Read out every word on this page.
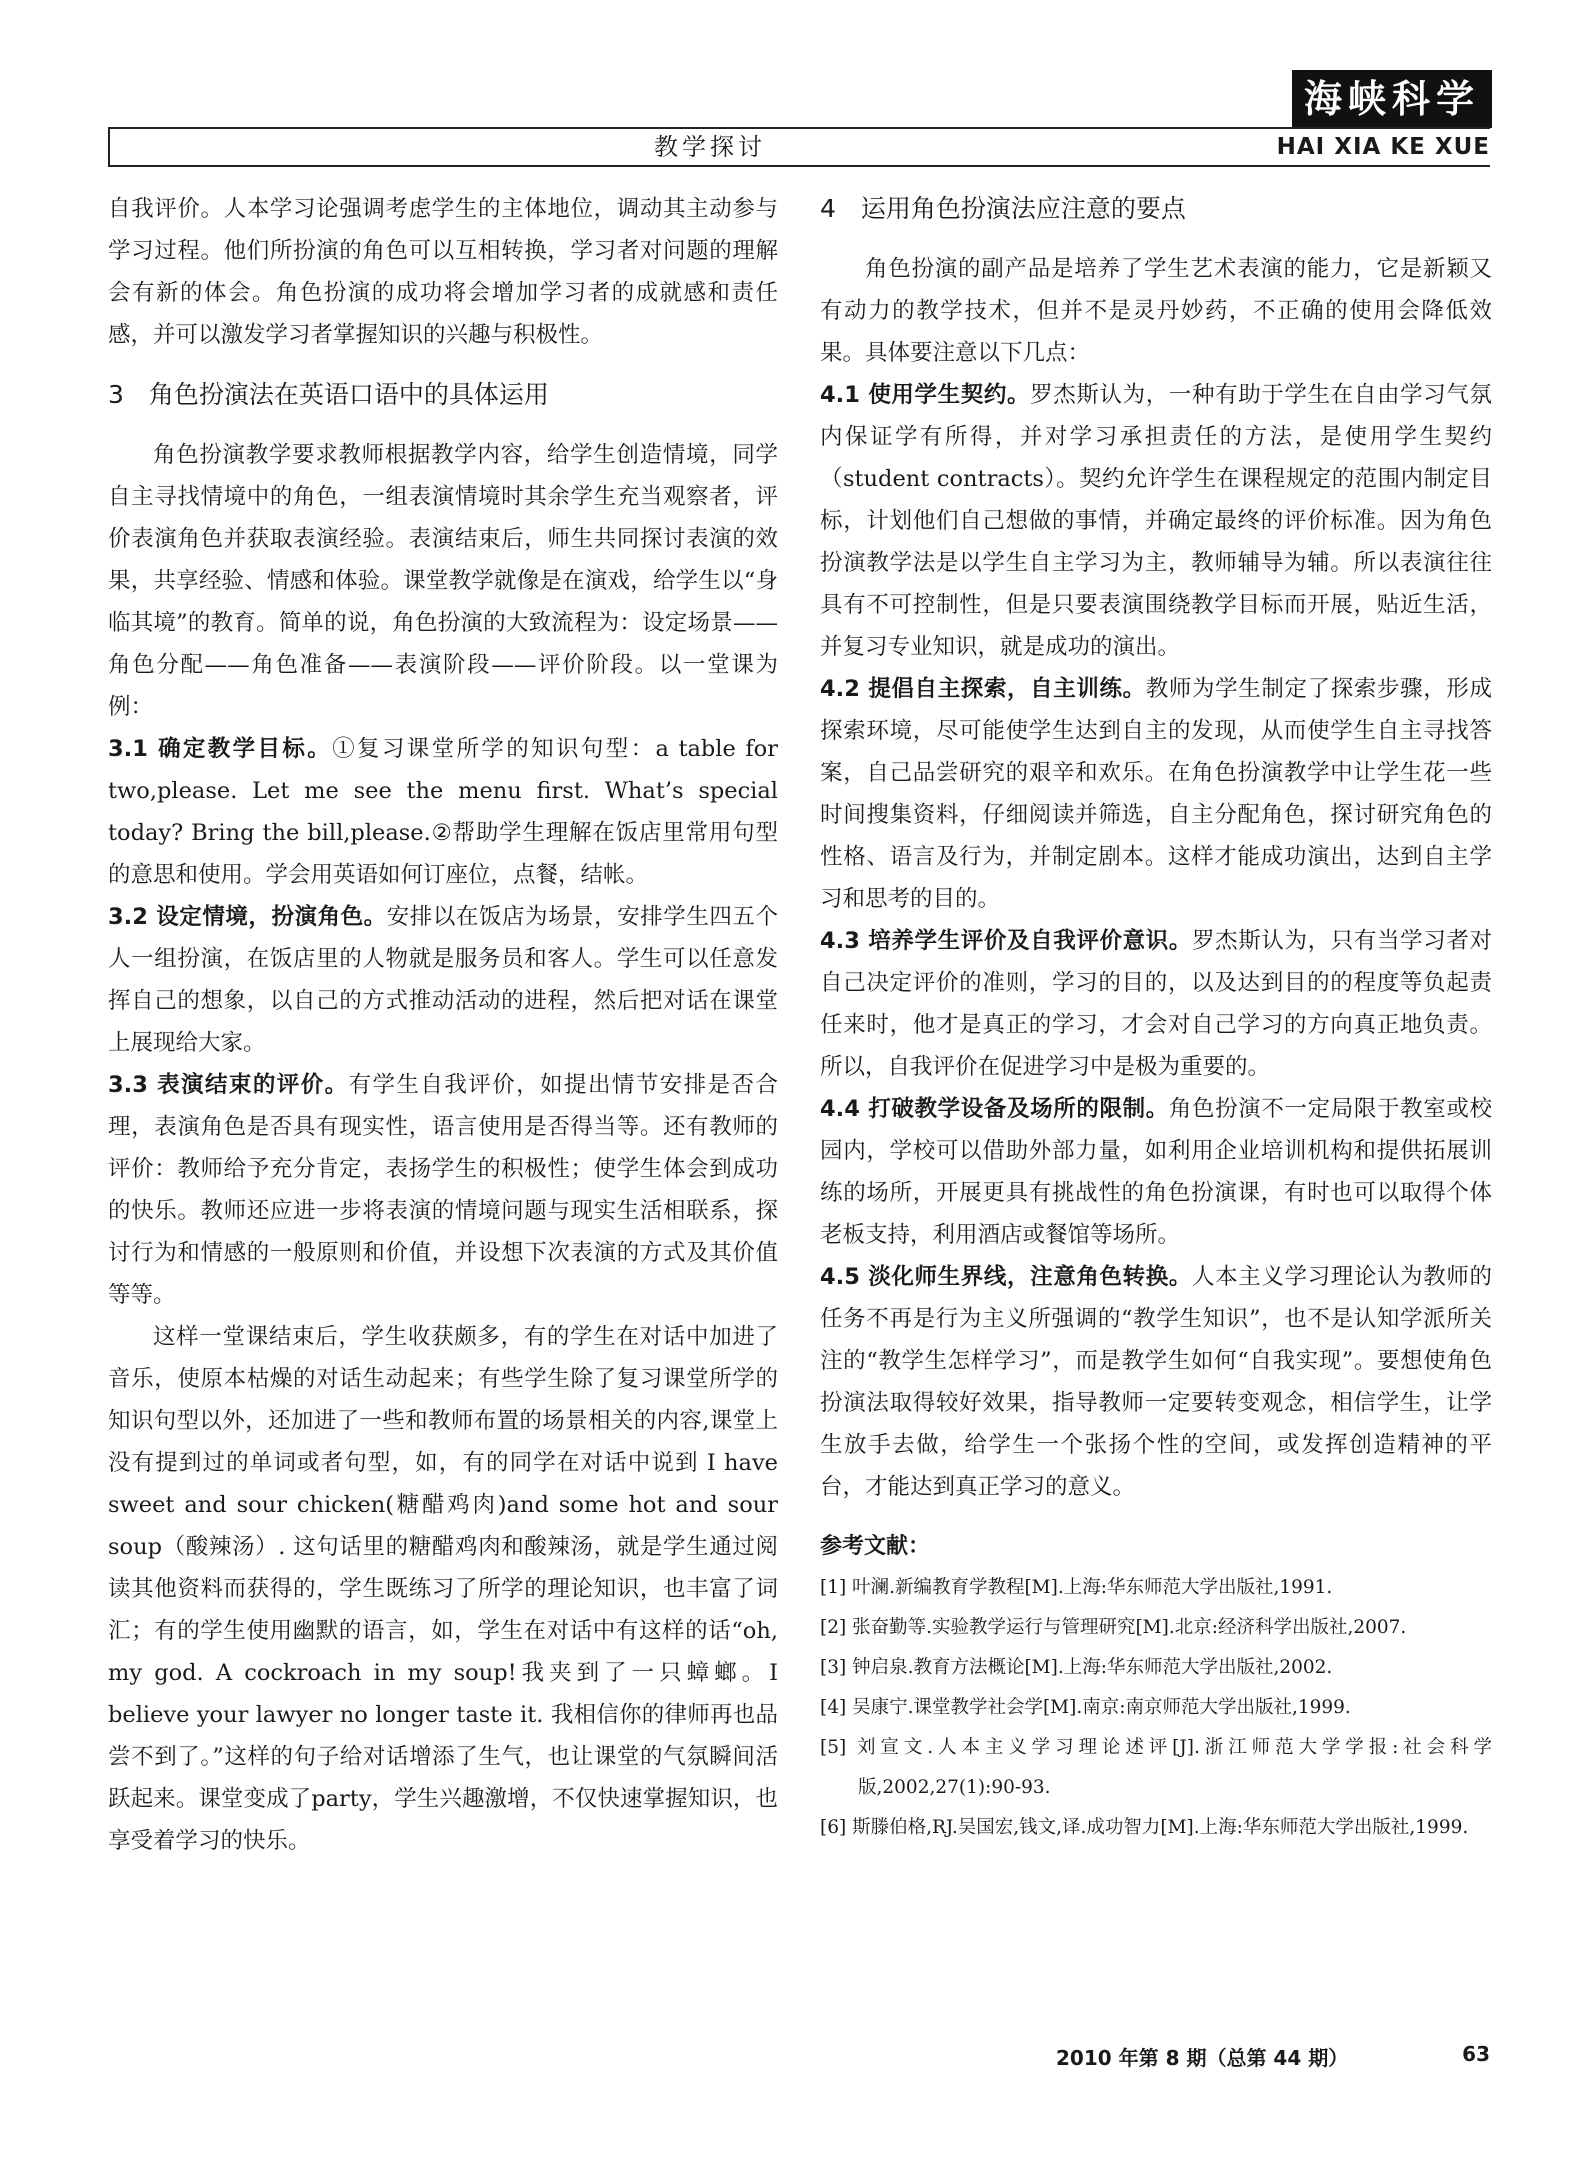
海峡科学
教学探讨	HAI XIA KE XUE

自我评价。人本学习论强调考虑学生的主体地位，调动其主动参与学习过程。他们所扮演的角色可以互相转换，学习者对问题的理解会有新的体会。角色扮演的成功将会增加学习者的成就感和责任感，并可以激发学习者掌握知识的兴趣与积极性。

3　角色扮演法在英语口语中的具体运用

角色扮演教学要求教师根据教学内容，给学生创造情境，同学自主寻找情境中的角色，一组表演情境时其余学生充当观察者，评价表演角色并获取表演经验。表演结束后，师生共同探讨表演的效果，共享经验、情感和体验。课堂教学就像是在演戏，给学生以“身临其境”的教育。简单的说，角色扮演的大致流程为：设定场景——角色分配——角色准备——表演阶段——评价阶段。以一堂课为例：

3.1 确定教学目标。①复习课堂所学的知识句型：a table for two,please. Let me see the menu first. What’s special today? Bring the bill,please.②帮助学生理解在饭店里常用句型的意思和使用。学会用英语如何订座位，点餐，结帐。

3.2 设定情境，扮演角色。安排以在饭店为场景，安排学生四五个人一组扮演，在饭店里的人物就是服务员和客人。学生可以任意发挥自己的想象，以自己的方式推动活动的进程，然后把对话在课堂上展现给大家。

3.3 表演结束的评价。有学生自我评价，如提出情节安排是否合理，表演角色是否具有现实性，语言使用是否得当等。还有教师的评价：教师给予充分肯定，表扬学生的积极性；使学生体会到成功的快乐。教师还应进一步将表演的情境问题与现实生活相联系，探讨行为和情感的一般原则和价值，并设想下次表演的方式及其价值等等。

这样一堂课结束后，学生收获颇多，有的学生在对话中加进了音乐，使原本枯燥的对话生动起来；有些学生除了复习课堂所学的知识句型以外，还加进了一些和教师布置的场景相关的内容,课堂上没有提到过的单词或者句型，如，有的同学在对话中说到 I have sweet and sour chicken(糖醋鸡肉)and some hot and sour soup（酸辣汤）. 这句话里的糖醋鸡肉和酸辣汤，就是学生通过阅读其他资料而获得的，学生既练习了所学的理论知识，也丰富了词汇；有的学生使用幽默的语言，如，学生在对话中有这样的话“oh, my god. A cockroach in my soup!我夹到了一只蟑螂。I believe your lawyer no longer taste it. 我相信你的律师再也品尝不到了。”这样的句子给对话增添了生气，也让课堂的气氛瞬间活跃起来。课堂变成了party，学生兴趣激增，不仅快速掌握知识，也享受着学习的快乐。

4　运用角色扮演法应注意的要点

角色扮演的副产品是培养了学生艺术表演的能力，它是新颖又有动力的教学技术，但并不是灵丹妙药，不正确的使用会降低效果。具体要注意以下几点：

4.1 使用学生契约。罗杰斯认为，一种有助于学生在自由学习气氛内保证学有所得，并对学习承担责任的方法，是使用学生契约（student contracts）。契约允许学生在课程规定的范围内制定目标，计划他们自己想做的事情，并确定最终的评价标准。因为角色扮演教学法是以学生自主学习为主，教师辅导为辅。所以表演往往具有不可控制性，但是只要表演围绕教学目标而开展，贴近生活，并复习专业知识，就是成功的演出。

4.2 提倡自主探索，自主训练。教师为学生制定了探索步骤，形成探索环境，尽可能使学生达到自主的发现，从而使学生自主寻找答案，自己品尝研究的艰辛和欢乐。在角色扮演教学中让学生花一些时间搜集资料，仔细阅读并筛选，自主分配角色，探讨研究角色的性格、语言及行为，并制定剧本。这样才能成功演出，达到自主学习和思考的目的。

4.3 培养学生评价及自我评价意识。罗杰斯认为，只有当学习者对自己决定评价的准则，学习的目的，以及达到目的的程度等负起责任来时，他才是真正的学习，才会对自己学习的方向真正地负责。所以，自我评价在促进学习中是极为重要的。

4.4 打破教学设备及场所的限制。角色扮演不一定局限于教室或校园内，学校可以借助外部力量，如利用企业培训机构和提供拓展训练的场所，开展更具有挑战性的角色扮演课，有时也可以取得个体老板支持，利用酒店或餐馆等场所。

4.5 淡化师生界线，注意角色转换。人本主义学习理论认为教师的任务不再是行为主义所强调的“教学生知识”，也不是认知学派所关注的“教学生怎样学习”，而是教学生如何“自我实现”。要想使角色扮演法取得较好效果，指导教师一定要转变观念，相信学生，让学生放手去做，给学生一个张扬个性的空间，或发挥创造精神的平台，才能达到真正学习的意义。

参考文献：

[1] 叶澜.新编教育学教程[M].上海:华东师范大学出版社,1991.

[2] 张奋勤等.实验教学运行与管理研究[M].北京:经济科学出版社,2007.

[3] 钟启泉.教育方法概论[M].上海:华东师范大学出版社,2002.

[4] 吴康宁.课堂教学社会学[M].南京:南京师范大学出版社,1999.

[5] 刘宣文.人本主义学习理论述评[J].浙江师范大学学报:社会科学版,2002,27(1):90-93.

[6] 斯滕伯格,RJ.吴国宏,钱文,译.成功智力[M].上海:华东师范大学出版社,1999.

2010 年第 8 期（总第 44 期）	63
